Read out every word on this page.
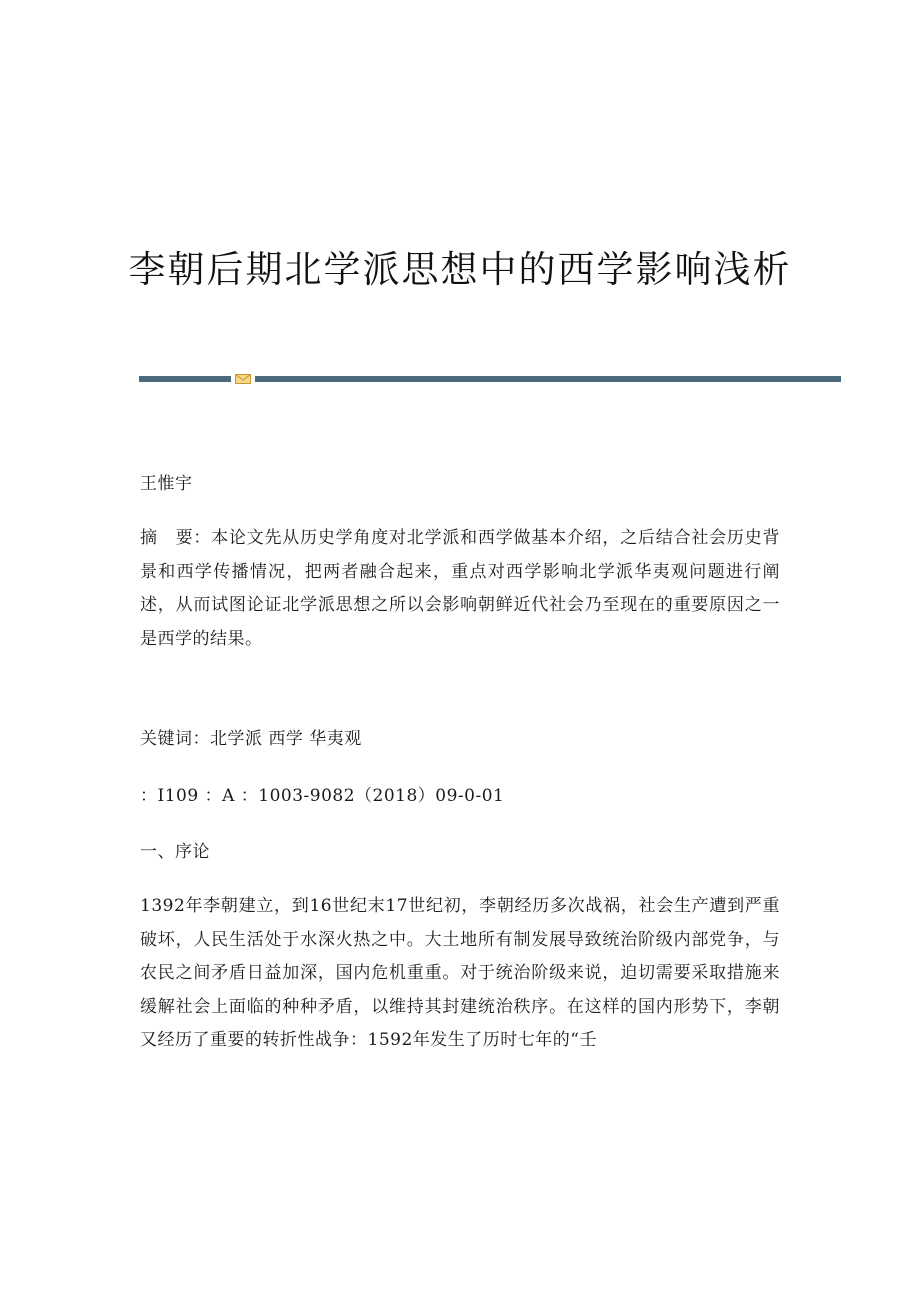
李朝后期北学派思想中的西学影响浅析

王惟宇

摘　要：本论文先从历史学角度对北学派和西学做基本介绍，之后结合社会历史背景和西学传播情况，把两者融合起来，重点对西学影响北学派华夷观问题进行阐述，从而试图论证北学派思想之所以会影响朝鲜近代社会乃至现在的重要原因之一是西学的结果。

关键词：北学派 西学 华夷观

：I109 ：A ：1003-9082（2018）09-0-01

一、序论

1392年李朝建立，到16世纪末17世纪初，李朝经历多次战祸，社会生产遭到严重破坏，人民生活处于水深火热之中。大土地所有制发展导致统治阶级内部党争，与农民之间矛盾日益加深，国内危机重重。对于统治阶级来说，迫切需要采取措施来缓解社会上面临的种种矛盾，以维持其封建统治秩序。在这样的国内形势下，李朝又经历了重要的转折性战争：1592年发生了历时七年的“壬
